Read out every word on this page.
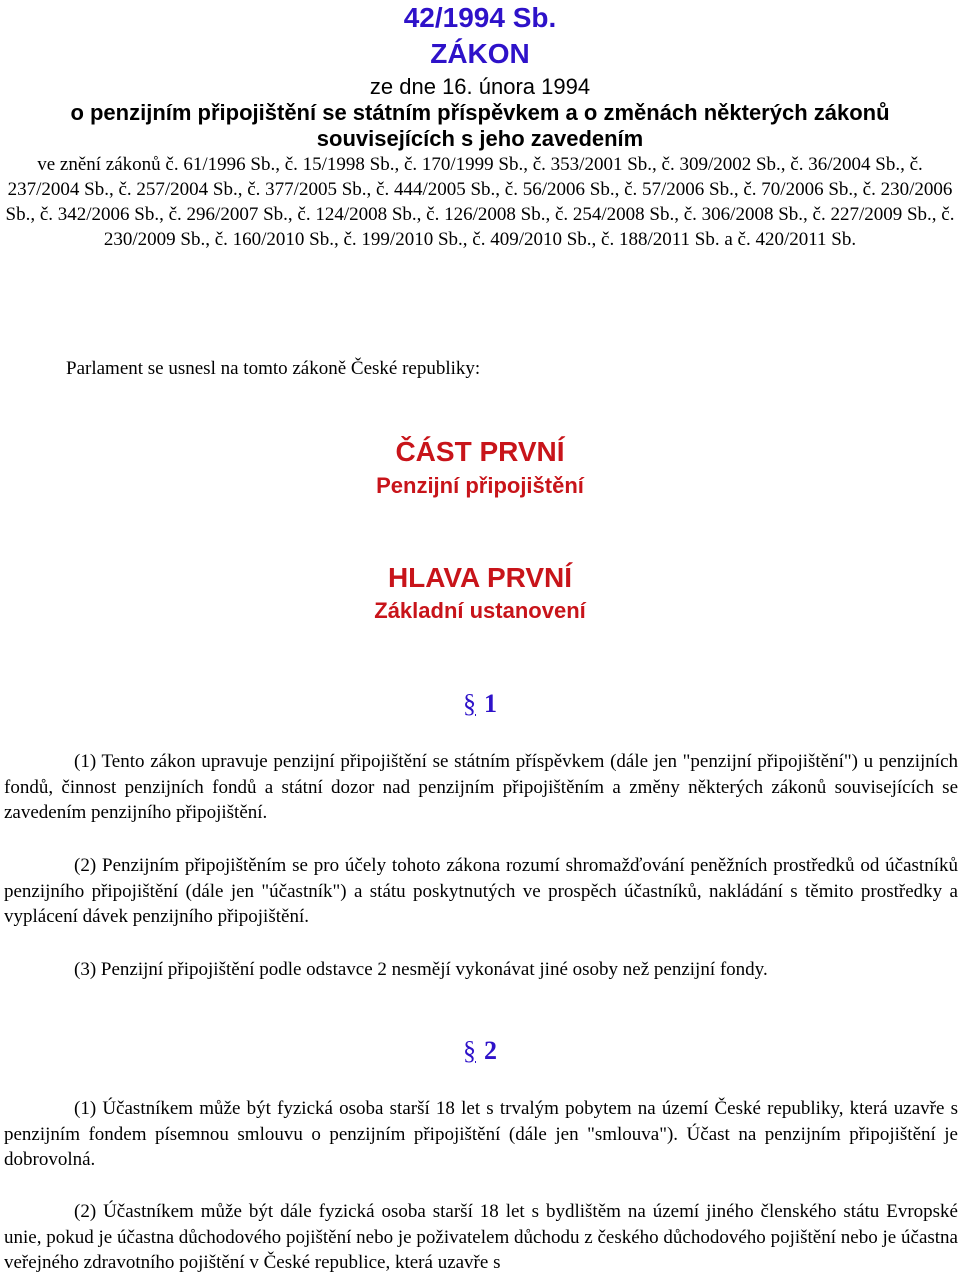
42/1994 Sb.
ZÁKON
ze dne 16. února 1994
o penzijním připojištění se státním příspěvkem a o změnách některých zákonů souvisejících s jeho zavedením
ve znění zákonů č. 61/1996 Sb., č. 15/1998 Sb., č. 170/1999 Sb., č. 353/2001 Sb., č. 309/2002 Sb., č. 36/2004 Sb., č. 237/2004 Sb., č. 257/2004 Sb., č. 377/2005 Sb., č. 444/2005 Sb., č. 56/2006 Sb., č. 57/2006 Sb., č. 70/2006 Sb., č. 230/2006 Sb., č. 342/2006 Sb., č. 296/2007 Sb., č. 124/2008 Sb., č. 126/2008 Sb., č. 254/2008 Sb., č. 306/2008 Sb., č. 227/2009 Sb., č. 230/2009 Sb., č. 160/2010 Sb., č. 199/2010 Sb., č. 409/2010 Sb., č. 188/2011 Sb. a č. 420/2011 Sb.
Parlament se usnesl na tomto zákoně České republiky:
ČÁST PRVNÍ
Penzijní připojištění
HLAVA PRVNÍ
Základní ustanovení
§ 1
(1) Tento zákon upravuje penzijní připojištění se státním příspěvkem (dále jen "penzijní připojištění") u penzijních fondů, činnost penzijních fondů a státní dozor nad penzijním připojištěním a změny některých zákonů souvisejících se zavedením penzijního připojištění.
(2) Penzijním připojištěním se pro účely tohoto zákona rozumí shromažďování peněžních prostředků od účastníků penzijního připojištění (dále jen "účastník") a státu poskytnutých ve prospěch účastníků, nakládání s těmito prostředky a vyplácení dávek penzijního připojištění.
(3) Penzijní připojištění podle odstavce 2 nesmějí vykonávat jiné osoby než penzijní fondy.
§ 2
(1) Účastníkem může být fyzická osoba starší 18 let s trvalým pobytem na území České republiky, která uzavře s penzijním fondem písemnou smlouvu o penzijním připojištění (dále jen "smlouva"). Účast na penzijním připojištění je dobrovolná.
(2) Účastníkem může být dále fyzická osoba starší 18 let s bydlištěm na území jiného členského státu Evropské unie, pokud je účastna důchodového pojištění nebo je poživatelem důchodu z českého důchodového pojištění nebo je účastna veřejného zdravotního pojištění v České republice, která uzavře s
